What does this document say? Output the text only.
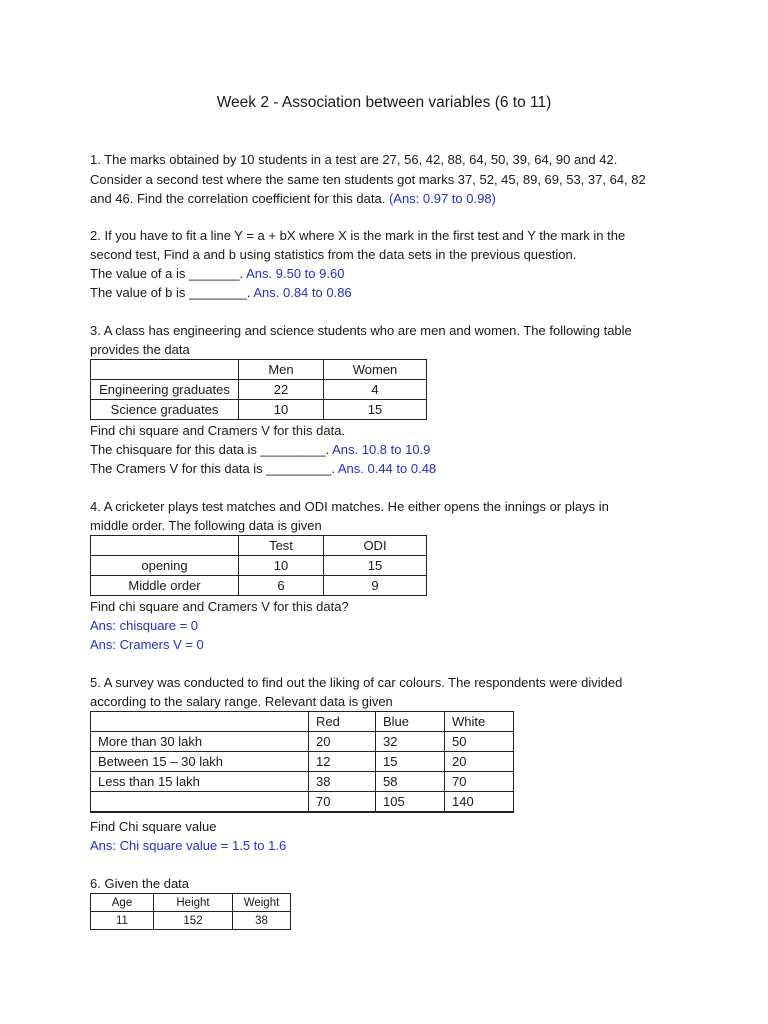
Week 2 - Association between variables (6 to 11)
1. The marks obtained by 10 students in a test are 27, 56, 42, 88, 64, 50, 39, 64, 90 and 42.
Consider a second test where the same ten students got marks 37, 52, 45, 89, 69, 53, 37, 64, 82
and 46. Find the correlation coefficient for this data. (Ans: 0.97 to 0.98)
2. If you have to fit a line Y = a + bX where X is the mark in the first test and Y the mark in the
second test, Find a and b using statistics from the data sets in the previous question.
The value of a is _______. Ans. 9.50 to 9.60
The value of b is ________. Ans. 0.84 to 0.86
3. A class has engineering and science students who are men and women. The following table
provides the data
	Men	Women
Engineering graduates	22	4
Science graduates	10	15
Find chi square and Cramers V for this data.
The chisquare for this data is _________. Ans. 10.8 to 10.9
The Cramers V for this data is _________. Ans. 0.44 to 0.48
4. A cricketer plays test matches and ODI matches. He either opens the innings or plays in
middle order. The following data is given
	Test	ODI
opening	10	15
Middle order	6	9
Find chi square and Cramers V for this data?
Ans: chisquare = 0
Ans: Cramers V = 0
5. A survey was conducted to find out the liking of car colours. The respondents were divided
according to the salary range. Relevant data is given
	Red	Blue	White
More than 30 lakh	20	32	50
Between 15 – 30 lakh	12	15	20
Less than 15 lakh	38	58	70
	70	105	140
Find Chi square value
Ans: Chi square value = 1.5 to 1.6
6. Given the data
Age	Height	Weight
11	152	38
